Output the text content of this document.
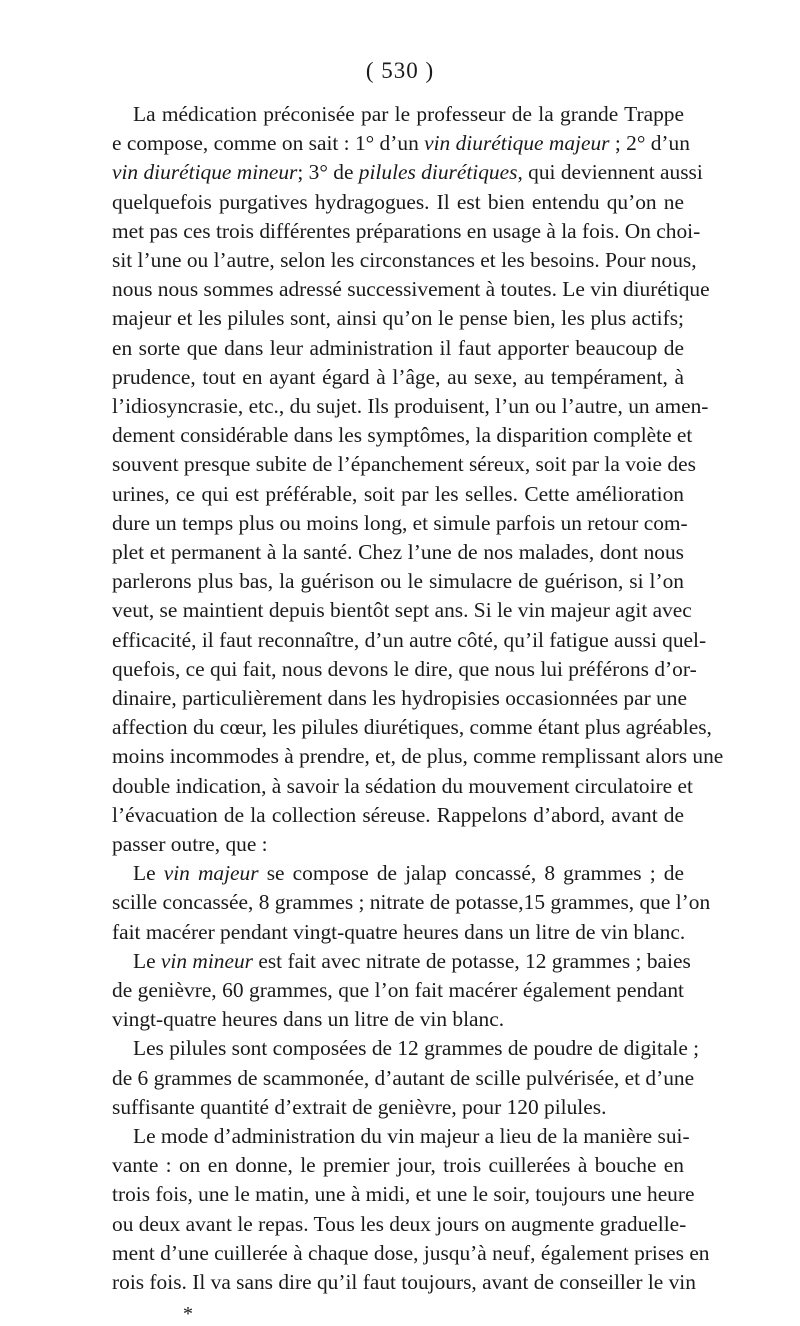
( 530 )
La médication préconisée par le professeur de la grande Trappe
e compose, comme on sait : 1° d’un vin diurétique majeur ; 2° d’un
vin diurétique mineur; 3° de pilules diurétiques, qui deviennent aussi
quelquefois purgatives hydragogues. Il est bien entendu qu’on ne
met pas ces trois différentes préparations en usage à la fois. On choi-
sit l’une ou l’autre, selon les circonstances et les besoins. Pour nous,
nous nous sommes adressé successivement à toutes. Le vin diurétique
majeur et les pilules sont, ainsi qu’on le pense bien, les plus actifs;
en sorte que dans leur administration il faut apporter beaucoup de
prudence, tout en ayant égard à l’âge, au sexe, au tempérament, à
l’idiosyncrasie, etc., du sujet. Ils produisent, l’un ou l’autre, un amen-
dement considérable dans les symptômes, la disparition complète et
souvent presque subite de l’épanchement séreux, soit par la voie des
urines, ce qui est préférable, soit par les selles. Cette amélioration
dure un temps plus ou moins long, et simule parfois un retour com-
plet et permanent à la santé. Chez l’une de nos malades, dont nous
parlerons plus bas, la guérison ou le simulacre de guérison, si l’on
veut, se maintient depuis bientôt sept ans. Si le vin majeur agit avec
efficacité, il faut reconnaître, d’un autre côté, qu’il fatigue aussi quel-
quefois, ce qui fait, nous devons le dire, que nous lui préférons d’or-
dinaire, particulièrement dans les hydropisies occasionnées par une
affection du cœur, les pilules diurétiques, comme étant plus agréables,
moins incommodes à prendre, et, de plus, comme remplissant alors une
double indication, à savoir la sédation du mouvement circulatoire et
l’évacuation de la collection séreuse. Rappelons d’abord, avant de
passer outre, que :
Le vin majeur se compose de jalap concassé, 8 grammes ; de
scille concassée, 8 grammes ; nitrate de potasse,15 grammes, que l’on
fait macérer pendant vingt-quatre heures dans un litre de vin blanc.
Le vin mineur est fait avec nitrate de potasse, 12 grammes ; baies
de genièvre, 60 grammes, que l’on fait macérer également pendant
vingt-quatre heures dans un litre de vin blanc.
Les pilules sont composées de 12 grammes de poudre de digitale ;
de 6 grammes de scammonée, d’autant de scille pulvérisée, et d’une
suffisante quantité d’extrait de genièvre, pour 120 pilules.
Le mode d’administration du vin majeur a lieu de la manière sui-
vante : on en donne, le premier jour, trois cuillerées à bouche en
trois fois, une le matin, une à midi, et une le soir, toujours une heure
*
ou deux avant le repas. Tous les deux jours on augmente graduelle-
ment d’une cuillerée à chaque dose, jusqu’à neuf, également prises en
rois fois. Il va sans dire qu’il faut toujours, avant de conseiller le vin
